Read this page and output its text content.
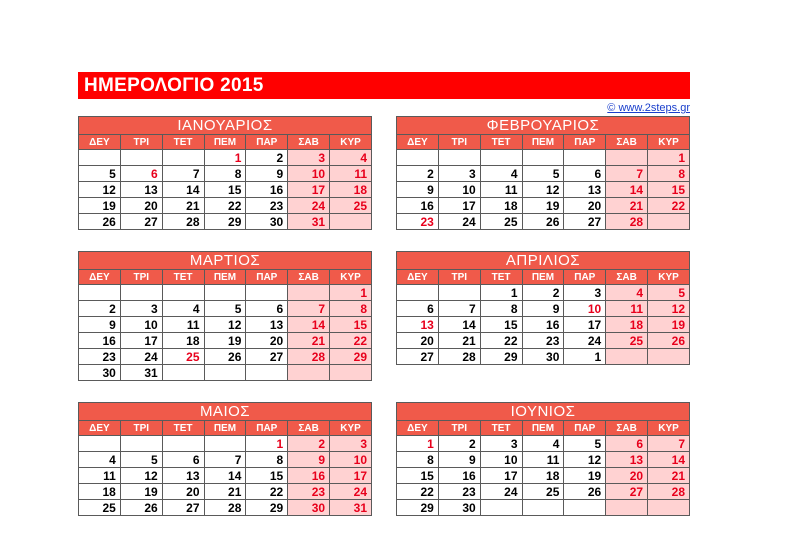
ΗΜΕΡΟΛΟΓΙΟ 2015
© www.2steps.gr
ΙΑΝΟΥΑΡΙΟΣ						
ΔΕΥ	ΤΡΙ	ΤΕΤ	ΠΕΜ	ΠΑΡ	ΣΑΒ	ΚΥΡ
			1	2	3	4
5	6	7	8	9	10	11
12	13	14	15	16	17	18
19	20	21	22	23	24	25
26	27	28	29	30	31	
ΦΕΒΡΟΥΑΡΙΟΣ						
ΔΕΥ	ΤΡΙ	ΤΕΤ	ΠΕΜ	ΠΑΡ	ΣΑΒ	ΚΥΡ
						1
2	3	4	5	6	7	8
9	10	11	12	13	14	15
16	17	18	19	20	21	22
23	24	25	26	27	28	
ΜΑΡΤΙΟΣ						
ΔΕΥ	ΤΡΙ	ΤΕΤ	ΠΕΜ	ΠΑΡ	ΣΑΒ	ΚΥΡ
						1
2	3	4	5	6	7	8
9	10	11	12	13	14	15
16	17	18	19	20	21	22
23	24	25	26	27	28	29
30	31					
ΑΠΡΙΛΙΟΣ						
ΔΕΥ	ΤΡΙ	ΤΕΤ	ΠΕΜ	ΠΑΡ	ΣΑΒ	ΚΥΡ
		1	2	3	4	5
6	7	8	9	10	11	12
13	14	15	16	17	18	19
20	21	22	23	24	25	26
27	28	29	30	1		
ΜΑΙΟΣ						
ΔΕΥ	ΤΡΙ	ΤΕΤ	ΠΕΜ	ΠΑΡ	ΣΑΒ	ΚΥΡ
				1	2	3
4	5	6	7	8	9	10
11	12	13	14	15	16	17
18	19	20	21	22	23	24
25	26	27	28	29	30	31
ΙΟΥΝΙΟΣ						
ΔΕΥ	ΤΡΙ	ΤΕΤ	ΠΕΜ	ΠΑΡ	ΣΑΒ	ΚΥΡ
1	2	3	4	5	6	7
8	9	10	11	12	13	14
15	16	17	18	19	20	21
22	23	24	25	26	27	28
29	30					
